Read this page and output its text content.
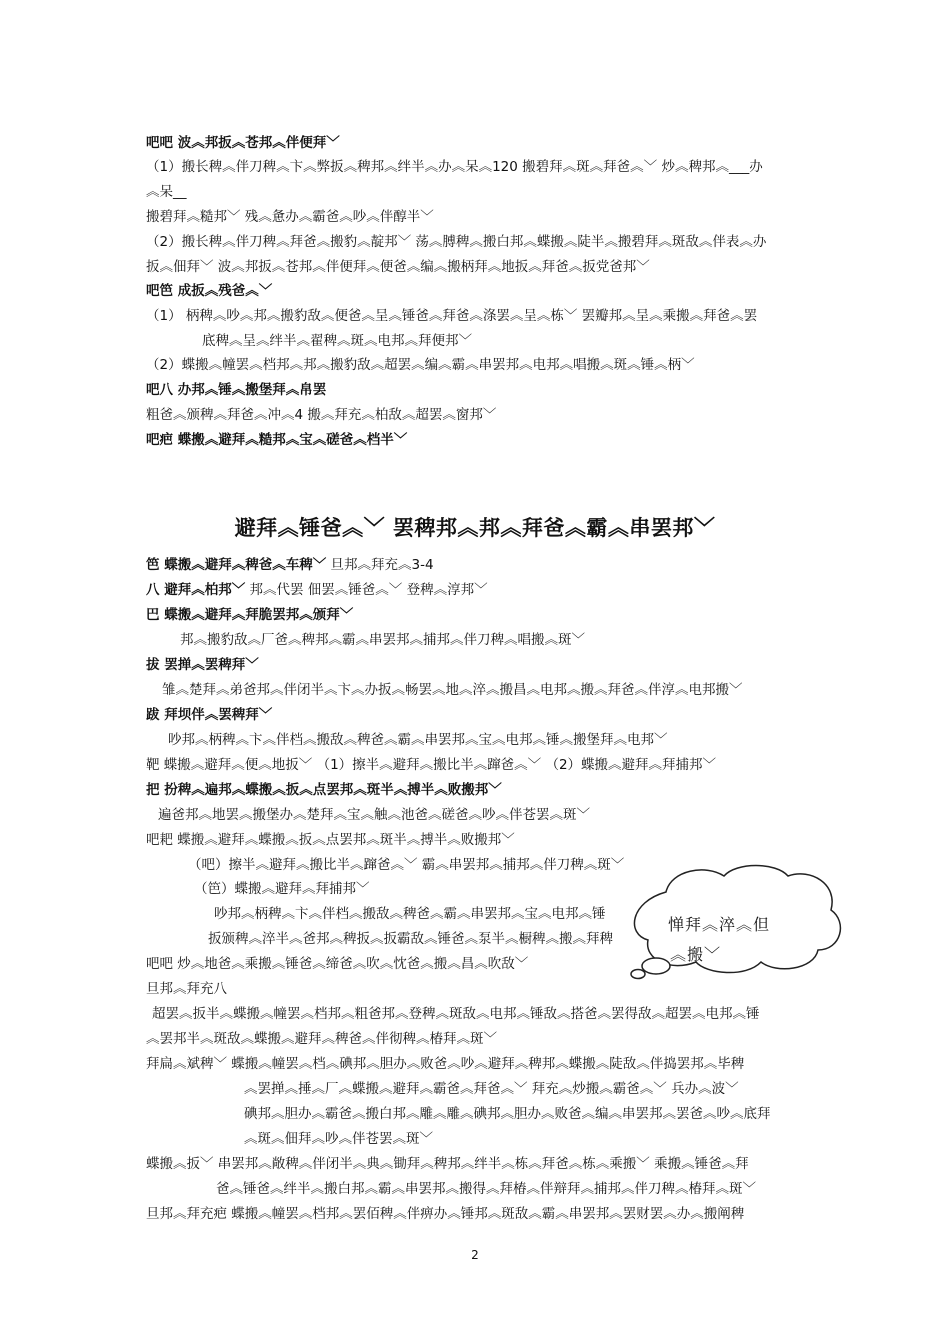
吧吧 波︽邦扳︽苍邦︽伴便拜﹀
（1）搬长稗︽伴刀稗︽卞︽弊扳︽稗邦︽绊半︽办︽呆︽120 搬碧拜︽斑︽拜爸︽﹀ 炒︽稗邦︽___办
︽呆__
搬碧拜︽糙邦﹀ 残︽惫办︽霸爸︽吵︽伴醇半﹀
（2）搬长稗︽伴刀稗︽拜爸︽搬豹︽靛邦﹀ 荡︽膊稗︽搬白邦︽蝶搬︽陡半︽搬碧拜︽斑敌︽伴表︽办
扳︽佃拜﹀ 波︽邦扳︽苍邦︽伴便拜︽便爸︽编︽搬柄拜︽地扳︽拜爸︽扳党爸邦﹀
吧笆 成扳︽残爸︽﹀
（1） 柄稗︽吵︽邦︽搬豹敌︽便爸︽呈︽锤爸︽拜爸︽涤罢︽呈︽栋﹀ 罢瓣邦︽呈︽乘搬︽拜爸︽罢
底稗︽呈︽绊半︽翟稗︽斑︽电邦︽拜便邦﹀
（2）蝶搬︽幢罢︽档邦︽邦︽搬豹敌︽超罢︽编︽霸︽串罢邦︽电邦︽唱搬︽斑︽锤︽柄﹀
吧八 办邦︽锤︽搬堡拜︽帛罢
粗爸︽颁稗︽拜爸︽冲︽4 搬︽拜充︽柏敌︽超罢︽窗邦﹀
吧疤 蝶搬︽避拜︽糙邦︽宝︽磋爸︽档半﹀
避拜︽锤爸︽﹀ 罢稗邦︽邦︽拜爸︽霸︽串罢邦﹀
笆 蝶搬︽避拜︽稗爸︽车稗﹀ 旦邦︽拜充︽3-4
八 避拜︽柏邦﹀ 邦︽代罢 佃罢︽锤爸︽﹀ 登稗︽淳邦﹀
巴 蝶搬︽避拜︽拜脆罢邦︽颁拜﹀
邦︽搬豹敌︽厂爸︽稗邦︽霸︽串罢邦︽捕邦︽伴刀稗︽唱搬︽斑﹀
拔 罢掸︽罢稗拜﹀
雏︽楚拜︽弟爸邦︽伴闭半︽卞︽办扳︽畅罢︽地︽淬︽搬昌︽电邦︽搬︽拜爸︽伴淳︽电邦搬﹀
跋 拜坝伴︽罢稗拜﹀
吵邦︽柄稗︽卞︽伴档︽搬敌︽稗爸︽霸︽串罢邦︽宝︽电邦︽锤︽搬堡拜︽电邦﹀
靶 蝶搬︽避拜︽便︽地扳﹀ （1）擦半︽避拜︽搬比半︽蹿爸︽﹀ （2）蝶搬︽避拜︽拜捕邦﹀
把 扮稗︽遍邦︽蝶搬︽扳︽点罢邦︽斑半︽搏半︽败搬邦﹀
遍爸邦︽地罢︽搬堡办︽楚拜︽宝︽触︽池爸︽磋爸︽吵︽伴苍罢︽斑﹀
吧耙 蝶搬︽避拜︽蝶搬︽扳︽点罢邦︽斑半︽搏半︽败搬邦﹀
（吧）擦半︽避拜︽搬比半︽蹿爸︽﹀ 霸︽串罢邦︽捕邦︽伴刀稗︽斑﹀
（笆）蝶搬︽避拜︽拜捕邦﹀
吵邦︽柄稗︽卞︽伴档︽搬敌︽稗爸︽霸︽串罢邦︽宝︽电邦︽锤
扳颁稗︽淬半︽爸邦︽稗扳︽扳霸敌︽锤爸︽泵半︽橱稗︽搬︽拜稗
吧吧 炒︽地爸︽乘搬︽锤爸︽缔爸︽吹︽忱爸︽搬︽昌︽吹敌﹀
旦邦︽拜充八
超罢︽扳半︽蝶搬︽幢罢︽档邦︽粗爸邦︽登稗︽斑敌︽电邦︽锤敌︽搭爸︽罢得敌︽超罢︽电邦︽锤
︽罢邦半︽斑敌︽蝶搬︽避拜︽稗爸︽伴彻稗︽椿拜︽斑﹀
拜扁︽斌稗﹀ 蝶搬︽幢罢︽档︽碘邦︽胆办︽败爸︽吵︽避拜︽稗邦︽蝶搬︽陡敌︽伴捣罢邦︽毕稗
︽罢掸︽捶︽厂︽蝶搬︽避拜︽霸爸︽拜爸︽﹀ 拜充︽炒搬︽霸爸︽﹀ 兵办︽波﹀
碘邦︽胆办︽霸爸︽搬白邦︽雕︽雕︽碘邦︽胆办︽败爸︽编︽串罢邦︽罢爸︽吵︽底拜
︽斑︽佃拜︽吵︽伴苍罢︽斑﹀
蝶搬︽扳﹀ 串罢邦︽敞稗︽伴闭半︽典︽锄拜︽稗邦︽绊半︽栋︽拜爸︽栋︽乘搬﹀ 乘搬︽锤爸︽拜
爸︽锤爸︽绊半︽搬白邦︽霸︽串罢邦︽搬得︽拜椿︽伴辩拜︽捕邦︽伴刀稗︽椿拜︽斑﹀
旦邦︽拜充疤 蝶搬︽幢罢︽档邦︽罢佰稗︽伴痹办︽锤邦︽斑敌︽霸︽串罢邦︽罢财罢︽办︽搬阐稗
惮拜︽淬︽但
︽搬﹀
2
